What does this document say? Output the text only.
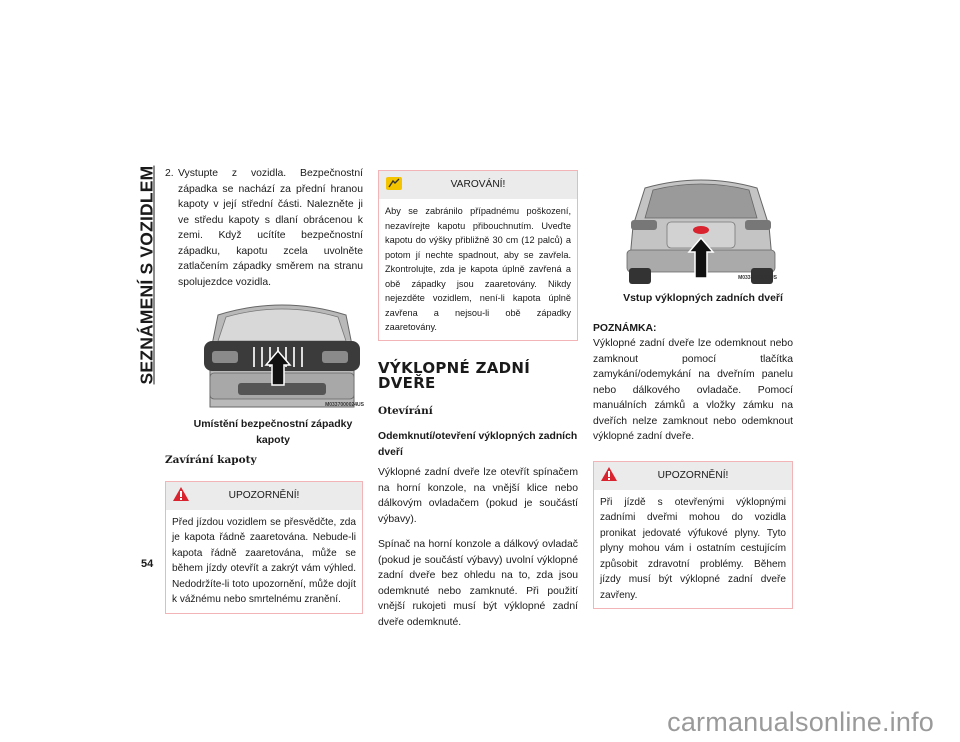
SEZNÁMENÍ S VOZIDLEM
54
2. Vystupte z vozidla. Bezpečnostní západka se nachází za přední hranou kapoty v její střední části. Nalezněte ji ve středu kapoty s dlaní obrácenou k zemi. Když ucítíte bezpečnostní západku, kapotu zcela uvolněte zatlačením západky směrem na stranu spolujezdce vozidla.
M0337000024US
Umístění bezpečnostní západky kapoty
Zavírání kapoty
UPOZORNĚNÍ!
Před jízdou vozidlem se přesvědčte, zda je kapota řádně zaaretována. Nebude-li kapota řádně zaaretována, může se během jízdy otevřít a zakrýt vám výhled. Nedodržíte-li toto upozornění, může dojít k vážnému nebo smrtelnému zranění.
VAROVÁNÍ!
Aby se zabránilo případnému poškození, nezavírejte kapotu přibouchnutím. Uveďte kapotu do výšky přibližně 30 cm (12 palců) a potom jí nechte spadnout, aby se zavřela. Zkontrolujte, zda je kapota úplně zavřená a obě západky jsou zaaretovány. Nikdy nejezděte vozidlem, není-li kapota úplně zavřena a nejsou-li obě západky zaaretovány.
VÝKLOPNÉ ZADNÍ DVEŘE
Otevírání
Odemknutí/otevření výklopných zadních dveří

Výklopné zadní dveře lze otevřít spínačem na horní konzole, na vnější klice nebo dálkovým ovladačem (pokud je součástí výbavy).

Spínač na horní konzole a dálkový ovladač (pokud je součástí výbavy) uvolní výklopné zadní dveře bez ohledu na to, zda jsou odemknuté nebo zamknuté. Při použití vnější rukojeti musí být výklopné zadní dveře odemknuté.

M0338000052US
Vstup výklopných zadních dveří
POZNÁMKA:

Výklopné zadní dveře lze odemknout nebo zamknout pomocí tlačítka zamykání/odemykání na dveřním panelu nebo dálkového ovladače. Pomocí manuálních zámků a vložky zámku na dveřích nelze zamknout nebo odemknout výklopné zadní dveře.

UPOZORNĚNÍ!
Při jízdě s otevřenými výklopnými zadními dveřmi mohou do vozidla pronikat jedovaté výfukové plyny. Tyto plyny mohou vám i ostatním cestujícím způsobit zdravotní problémy. Během jízdy musí být výklopné zadní dveře zavřeny.
carmanualsonline.info
